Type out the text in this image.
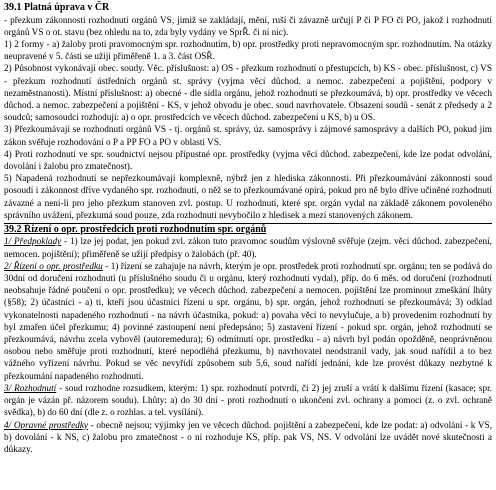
39.1 Platná úprava v ČR

- přezkum zákonnosti rozhodnutí orgánů VS, jimiž se zakládají, mění, ruší či závazně určují P či P FO či PO, jakož i rozhodnutí orgánů VS o ot. stavu (bez ohledu na to, zda byly vydány ve SprŘ. či ní nic).

1) 2 formy - a) žaloby proti pravomocným spr. rozhodnutím, b) opr. prostředky proti nepravomocným spr. rozhodnutím. Na otázky neupravené v 5. části se užijí přiměřeně 1. a 3. část OSŘ.

2) Působnost vykonávají obec. soudy. Věc. příslušnost: a) OS - přezkum rozhodnutí o přestupcích, b) KS - obec. příslušnost, c) VS - přezkum rozhodnutí ústředních orgánů st. správy (vyjma věcí důchod. a nemoc. zabezpečení a pojištění, podpory v nezaměstnanosti). Místní příslušnost: a) obecné - dle sídla orgánu, jehož rozhodnutí se přezkoumává, b) opr. prostředky ve věcech důchod. a nemoc. zabezpečení a pojištění - KS, v jehož obvodu je obec. soud navrhovatele. Obsazení soudů - senát z předsedy a 2 soudců; samosoudci rozhodují: a) o opr. prostředcích ve věcech důchod. zabezpečení u KS, b) u OS.

3) Přezkoumávají se rozhodnutí orgánů VS - tj. orgánů st. správy, úz. samosprávy i zájmové samosprávy a dalších PO, pokud jim zákon svěřuje rozhodování o P a PP FO a PO v oblasti VS.

4) Proti rozhodnutí ve spr. soudnictví nejsou přípustné opr. prostředky (vyjma věcí důchod. zabezpečení, kde lze podat odvolání, dovolání i žalobu pro zmatečnost).

5) Napadená rozhodnutí se nepřezkoumávají komplexně, nýbrž jen z hlediska zákonnosti. Při přezkoumávání zákonnosti soud posoudí i zákonnost dříve vydaného spr. rozhodnutí, o něž se to přezkoumávané opírá, pokud pro ně bylo dříve učiněné rozhodnutí závazné a není-li pro jeho přezkum stanoven zvl. postup. U rozhodnutí, které spr. orgán vydal na základě zákonem povoleného správního uvážení, přezkumá soud pouze, zda rozhodnutí nevybočilo z hledisek a mezí stanovených zákonem.

39.2 Řízení o opr. prostředcích proti rozhodnutím spr. orgánů

1/ Předpoklady - 1) lze jej podat, jen pokud zvl. zákon tuto pravomoc soudům výslovně svěřuje (zejm. věci důchod. zabezpečení, nemocen. pojištění); přiměřeně se užijí předpisy o žalobách (př. 40).

2/ Řízení o opr. prostředku - 1) řízení se zahajuje na návrh, kterým je opr. prostředek proti rozhodnutí spr. orgánu; ten se podává do 30dní od doručení rozhodnutí (u příslušného soudu či u orgánu, který rozhodnutí vydal), příp. do 6 měs. od doručení (rozhodnutí neobsahuje řádné poučení o opr. prostředku); ve věcech důchod. zabezpečení a nemocen. pojištění lze prominout zmeškání lhůty (§58); 2) účastníci - a) ti, kteří jsou účastníci řízení u spr. orgánu, b) spr. orgán, jehož rozhodnutí se přezkoumává; 3) odklad vykonatelnosti napadeného rozhodnutí - na návrh účastníka, pokud: a) povaha věci to nevylučuje, a b) provedením rozhodnutí by byl zmařen účel přezkumu; 4) povinné zastoupení není předepsáno; 5) zastavení řízení - pokud spr. orgán, jehož rozhodnutí se přezkoumává, návrhu zcela vyhověl (autoremedura); 6) odmítnutí opr. prostředku - a) návrh byl podán opožděně, neoprávněnou osobou nebo směřuje proti rozhodnutí, které nepodléhá přezkumu, b) navrhovatel neodstranil vady, jak soud nařídil a to bez vážného vyřízení návrhu. Pokud se věc nevyřídí způsobem sub 5,6, soud nařídí jednání, kde lze provést důkazy nezbytné k přezkoumání napadeného rozhodnutí.

3/ Rozhodnutí - soud rozhodne rozsudkem, kterým: 1) spr. rozhodnutí potvrdí, či 2) jej zruší a vrátí k dalšímu řízení (kasace; spr. orgán je vázán př. názorem soudu). Lhůty: a) do 30 dní - proti rozhodnutí o ukončení zvl. ochrany a pomoci (z. o zvl. ochraně svědka), b) do 60 dní (dle z. o rozhlas. a tel. vysílání).

4/ Opravné prostředky - obecně nejsou; výjimky jen ve věcech důchod. pojištění a zabezpečení, kde lze podat: a) odvolání - k VS, b) dovolání - k NS, c) žalobu pro zmatečnost - o ní rozhoduje KS, příp. pak VS, NS. V odvolání lze uvádět nové skutečnosti a důkazy.
